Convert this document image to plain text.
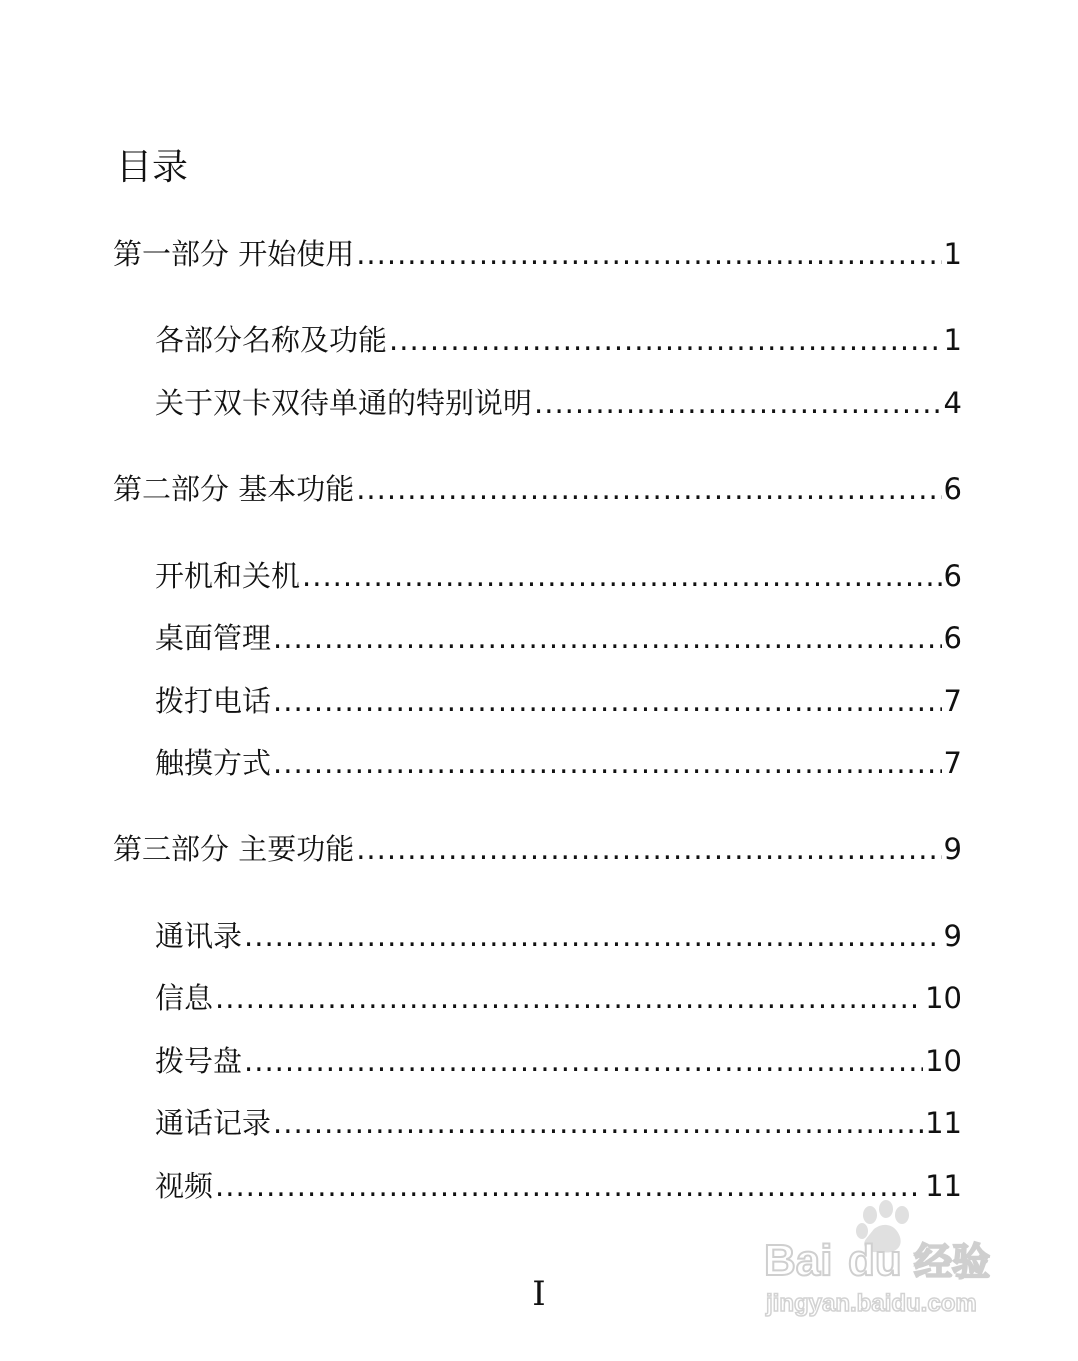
目录
第一部分 开始使用 .....	1
各部分名称及功能 .....	1
关于双卡双待单通的特别说明 .....	4
第二部分 基本功能 .....	6
开机和关机 .....	6
桌面管理 .....	6
拨打电话 .....	7
触摸方式 .....	7
第三部分 主要功能 .....	9
通讯录 .....	9
信息 .....	10
拨号盘 .....	10
通话记录 .....	11
视频 .....	11
I
Bai du 经验
jingyan.baidu.com
